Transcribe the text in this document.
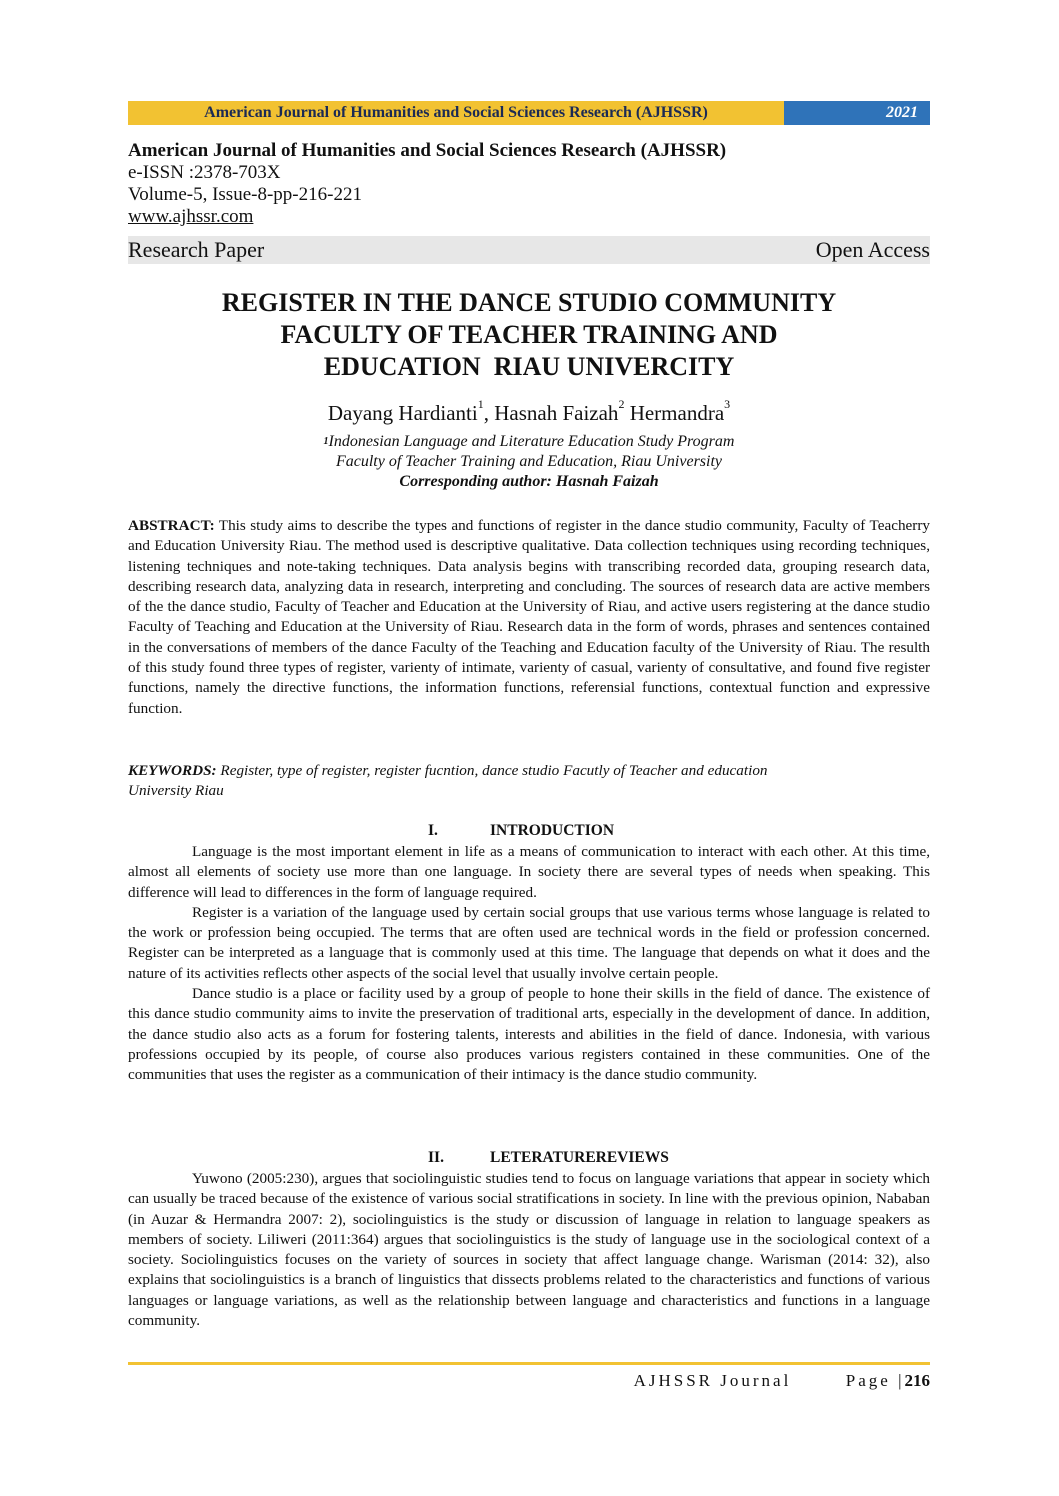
American Journal of Humanities and Social Sciences Research (AJHSSR)	2021
American Journal of Humanities and Social Sciences Research (AJHSSR)
e-ISSN :2378-703X
Volume-5, Issue-8-pp-216-221
www.ajhssr.com
Research Paper	Open Access
REGISTER IN THE DANCE STUDIO COMMUNITY
FACULTY OF TEACHER TRAINING AND
EDUCATION  RIAU UNIVERCITY
Dayang Hardianti$^1$, Hasnah Faizah$^2$ Hermandra$^3$
$^1$Indonesian Language and Literature Education Study Program
Faculty of Teacher Training and Education, Riau University
Corresponding author: Hasnah Faizah
ABSTRACT: This study aims to describe the types and functions of register in the dance studio community, Faculty of Teacherry and Education University Riau. The method used is descriptive qualitative. Data collection techniques using recording techniques, listening techniques and note-taking techniques. Data analysis begins with transcribing recorded data, grouping research data, describing research data, analyzing data in research, interpreting and concluding. The sources of research data are active members of the the dance studio, Faculty of Teacher and Education at the University of Riau, and active users registering at the dance studio Faculty of Teaching and Education at the University of Riau. Research data in the form of words, phrases and sentences contained in the conversations of members of the dance Faculty of the Teaching and Education faculty of the University of Riau. The resulth of this study found three types of register, varienty of intimate, varienty of casual, varienty of consultative, and found five register functions, namely the directive functions, the information functions, referensial functions, contextual function and expressive function.
KEYWORDS: Register, type of register, register fucntion, dance studio Facutly of Teacher and education University Riau
I.	INTRODUCTION

Language is the most important element in life as a means of communication to interact with each other. At this time, almost all elements of society use more than one language. In society there are several types of needs when speaking. This difference will lead to differences in the form of language required.

Register is a variation of the language used by certain social groups that use various terms whose language is related to the work or profession being occupied. The terms that are often used are technical words in the field or profession concerned. Register can be interpreted as a language that is commonly used at this time. The language that depends on what it does and the nature of its activities reflects other aspects of the social level that usually involve certain people.

Dance studio is a place or facility used by a group of people to hone their skills in the field of dance. The existence of this dance studio community aims to invite the preservation of traditional arts, especially in the development of dance. In addition, the dance studio also acts as a forum for fostering talents, interests and abilities in the field of dance. Indonesia, with various professions occupied by its people, of course also produces various registers contained in these communities. One of the communities that uses the register as a communication of their intimacy is the dance studio community.

II.	LETERATUREREVIEWS

Yuwono (2005:230), argues that sociolinguistic studies tend to focus on language variations that appear in society which can usually be traced because of the existence of various social stratifications in society. In line with the previous opinion, Nababan (in Auzar & Hermandra 2007: 2), sociolinguistics is the study or discussion of language in relation to language speakers as members of society. Liliweri (2011:364) argues that sociolinguistics is the study of language use in the sociological context of a society. Sociolinguistics focuses on the variety of sources in society that affect language change. Warisman (2014: 32), also explains that sociolinguistics is a branch of linguistics that dissects problems related to the characteristics and functions of various languages or language variations, as well as the relationship between language and characteristics and functions in a language community.

AJHSSR Journal	Page |216
